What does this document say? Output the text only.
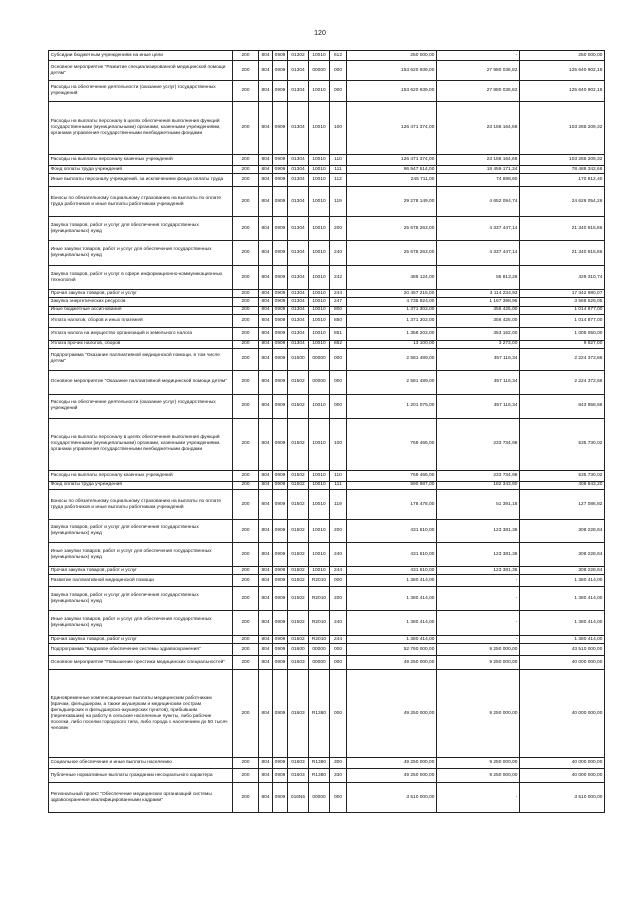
120
Субсидии бюджетным учреждениям на иные цели	200	804	0909	01302	10010	612	250 000,00	-	250 000,00
Основное мероприятие "Развитие специализированной медицинской помощи детям"	200	804	0909	01304	00000	000	153 620 939,00	27 980 036,82	125 640 902,18
Расходы на обеспечение деятельности (оказание услуг) государственных учреждений	200	804	0909	01304	10010	000	153 620 939,00	27 880 036,82	125 640 902,18
Расходы на выплаты персоналу в целях обеспечения выполнения функций государственными (муниципальными) органами, казенными учреждениями, органами управления государственными внебюджетными фондами	200	804	0909	01304	10010	100	126 471 374,00	23 186 164,68	103 285 209,32
Расходы на выплаты персоналу казенных учреждений	200	804	0909	01304	10010	110	126 471 374,00	23 186 164,68	103 285 209,32
Фонд оплаты труда учреждений	200	804	0909	01304	10010	111	96 947 514,00	18 459 171,34	78 488 342,66
Иные выплаты персоналу учреждений, за исключением фонда оплаты труда	200	804	0909	01304	10010	112	245 711,00	74 898,60	170 812,40
Взносы по обязательному социальному страхованию на выплаты по оплате труда работников и иные выплаты работникам учреждений	200	804	0909	01304	10010	119	29 278 149,00	4 652 094,74	24 626 054,26
Закупка товаров, работ и услуг для обеспечения государственных (муниципальных) нужд	200	804	0909	01304	10010	200	25 678 263,00	4 337 447,14	21 340 815,86
Иные закупки товаров, работ и услуг для обеспечения государственных (муниципальных) нужд	200	804	0909	01304	10010	240	25 678 263,00	4 337 447,14	21 340 815,86
Закупка товаров, работ и услуг в сфере информационно-коммуникационных технологий	200	804	0909	01304	10010	242	485 124,00	55 813,26	429 310,74
Прочая закупка товаров, работ и услуг	200	804	0909	01304	10010	244	20 457 215,00	3 114 234,93	17 342 980,07
Закупка энергетических ресурсов	200	804	0909	01304	10010	247	4 735 924,00	1 167 398,95	3 568 525,05
Иные бюджетные ассигнования	200	804	0909	01304	10010	800	1 371 302,00	356 425,00	1 014 877,00
Уплата налогов, сборов и иных платежей	200	804	0909	01304	10010	850	1 371 302,00	356 425,00	1 014 877,00
Уплата налога на имущество организаций и земельного налога	200	804	0909	01304	10010	851	1 358 202,00	353 152,00	1 005 050,00
Уплата прочих налогов, сборов	200	804	0909	01304	10010	852	13 100,00	3 273,00	9 827,00
Подпрограмма "Оказание паллиативной медицинской помощи, в том числе детям"	200	804	0909	01500	00000	000	2 581 489,00	357 116,34	2 224 372,66
Основное мероприятие "Оказание паллиативной медицинской помощи детям"	200	804	0909	01502	00000	000	2 581 489,00	357 116,34	2 224 372,66
Расходы на обеспечение деятельности (оказание услуг) государственных учреждений	200	804	0909	01502	10010	000	1 201 075,00	357 116,34	843 958,66
Расходы на выплаты персоналу в целях обеспечения выполнения функций государственными (муниципальными) органами, казенными учреждениями, органами управления государственными внебюджетными фондами	200	804	0909	01502	10010	100	769 465,00	233 734,98	535 730,02
Расходы на выплаты персоналу казенных учреждений	200	804	0909	01502	10010	110	769 465,00	233 734,98	535 730,02
Фонд оплаты труда учреждений	200	804	0909	01502	10010	111	590 987,00	182 343,80	408 643,20
Взносы по обязательному социальному страхованию на выплаты по оплате труда работников и иные выплаты работникам учреждений	200	804	0909	01502	10010	119	178 478,00	51 391,18	127 086,82
Закупка товаров, работ и услуг для обеспечения государственных (муниципальных) нужд	200	804	0909	01502	10010	200	431 610,00	123 381,36	308 228,64
Иные закупки товаров, работ и услуг для обеспечения государственных (муниципальных) нужд	200	804	0909	01502	10010	240	431 610,00	123 381,36	308 228,64
Прочая закупка товаров, работ и услуг	200	804	0909	01502	10010	244	431 610,00	123 381,36	308 228,64
Развитие паллиативной медицинской помощи	200	804	0909	01502	R2010	000	1 380 414,00	-	1 380 414,00
Закупка товаров, работ и услуг для обеспечения государственных (муниципальных) нужд	200	804	0909	01502	R2010	200	1 380 414,00	-	1 380 414,00
Иные закупки товаров, работ и услуг для обеспечения государственных (муниципальных) нужд	200	804	0909	01502	R2010	240	1 380 414,00	-	1 380 414,00
Прочая закупка товаров, работ и услуг	200	804	0909	01502	R2010	244	1 380 414,00	-	1 380 414,00
Подпрограмма "Кадровое обеспечение системы здравоохранения"	200	804	0909	01600	00000	000	52 760 000,00	9 250 000,00	43 510 000,00
Основное мероприятие "Повышение престижа медицинских специальностей"	200	804	0909	01603	00000	000	49 250 000,00	9 250 000,00	40 000 000,00
Единовременные компенсационные выплаты медицинским работникам (врачам, фельдшерам, а также акушеркам и медицинским сестрам фельдшерских и фельдшерско-акушерских пунктов), прибывшим (переехавшим) на работу в сельские населенные пункты, либо рабочие поселки, либо поселки городского типа, либо города с населением до 50 тысяч человек	200	804	0909	01603	R1380	000	49 250 000,00	9 250 000,00	40 000 000,00
Социальное обеспечение и иные выплаты населению	200	804	0909	01603	R1380	300	49 250 000,00	9 250 000,00	40 000 000,00
Публичные нормативные выплаты гражданам несоциального характера	200	804	0909	01603	R1380	330	49 250 000,00	9 250 000,00	40 000 000,00
Региональный проект "Обеспечение медицинских организаций системы здравоохранения квалифицированными кадрами"	200	804	0909	016N5	00000	000	3 510 000,00	-	3 510 000,00
